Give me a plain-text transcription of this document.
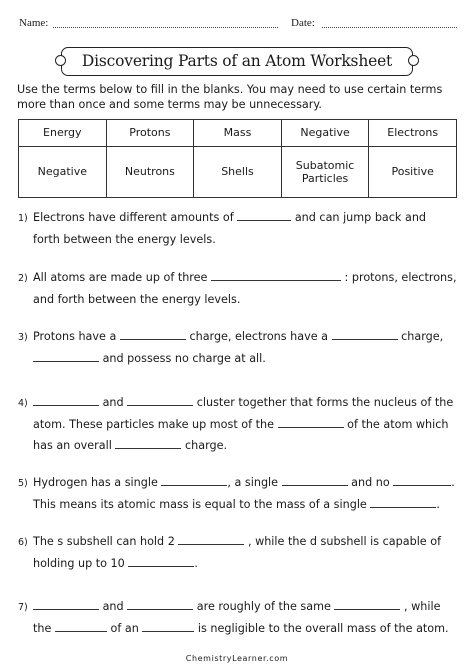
Name:	Date:
Discovering Parts of an Atom Worksheet
Use the terms below to fill in the blanks. You may need to use certain terms more than once and some terms may be unnecessary.
Energy	Protons	Mass	Negative	Electrons
Negative	Neutrons	Shells	Subatomic Particles	Positive
1) Electrons have different amounts of	and can jump back and
forth between the energy levels.
2) All atoms are made up of three	: protons, electrons,
and forth between the energy levels.
3) Protons have a	charge, electrons have a	charge,
and possess no charge at all.
4)	and	cluster together that forms the nucleus of the
atom. These particles make up most of the	of the atom which
has an overall	charge.
5) Hydrogen has a single	, a single	and no	.
This means its atomic mass is equal to the mass of a single	.
6) The s subshell can hold 2	, while the d subshell is capable of
holding up to 10	.
7)	and	are roughly of the same	, while
the	of an	is negligible to the overall mass of the atom.
ChemistryLearner.com
